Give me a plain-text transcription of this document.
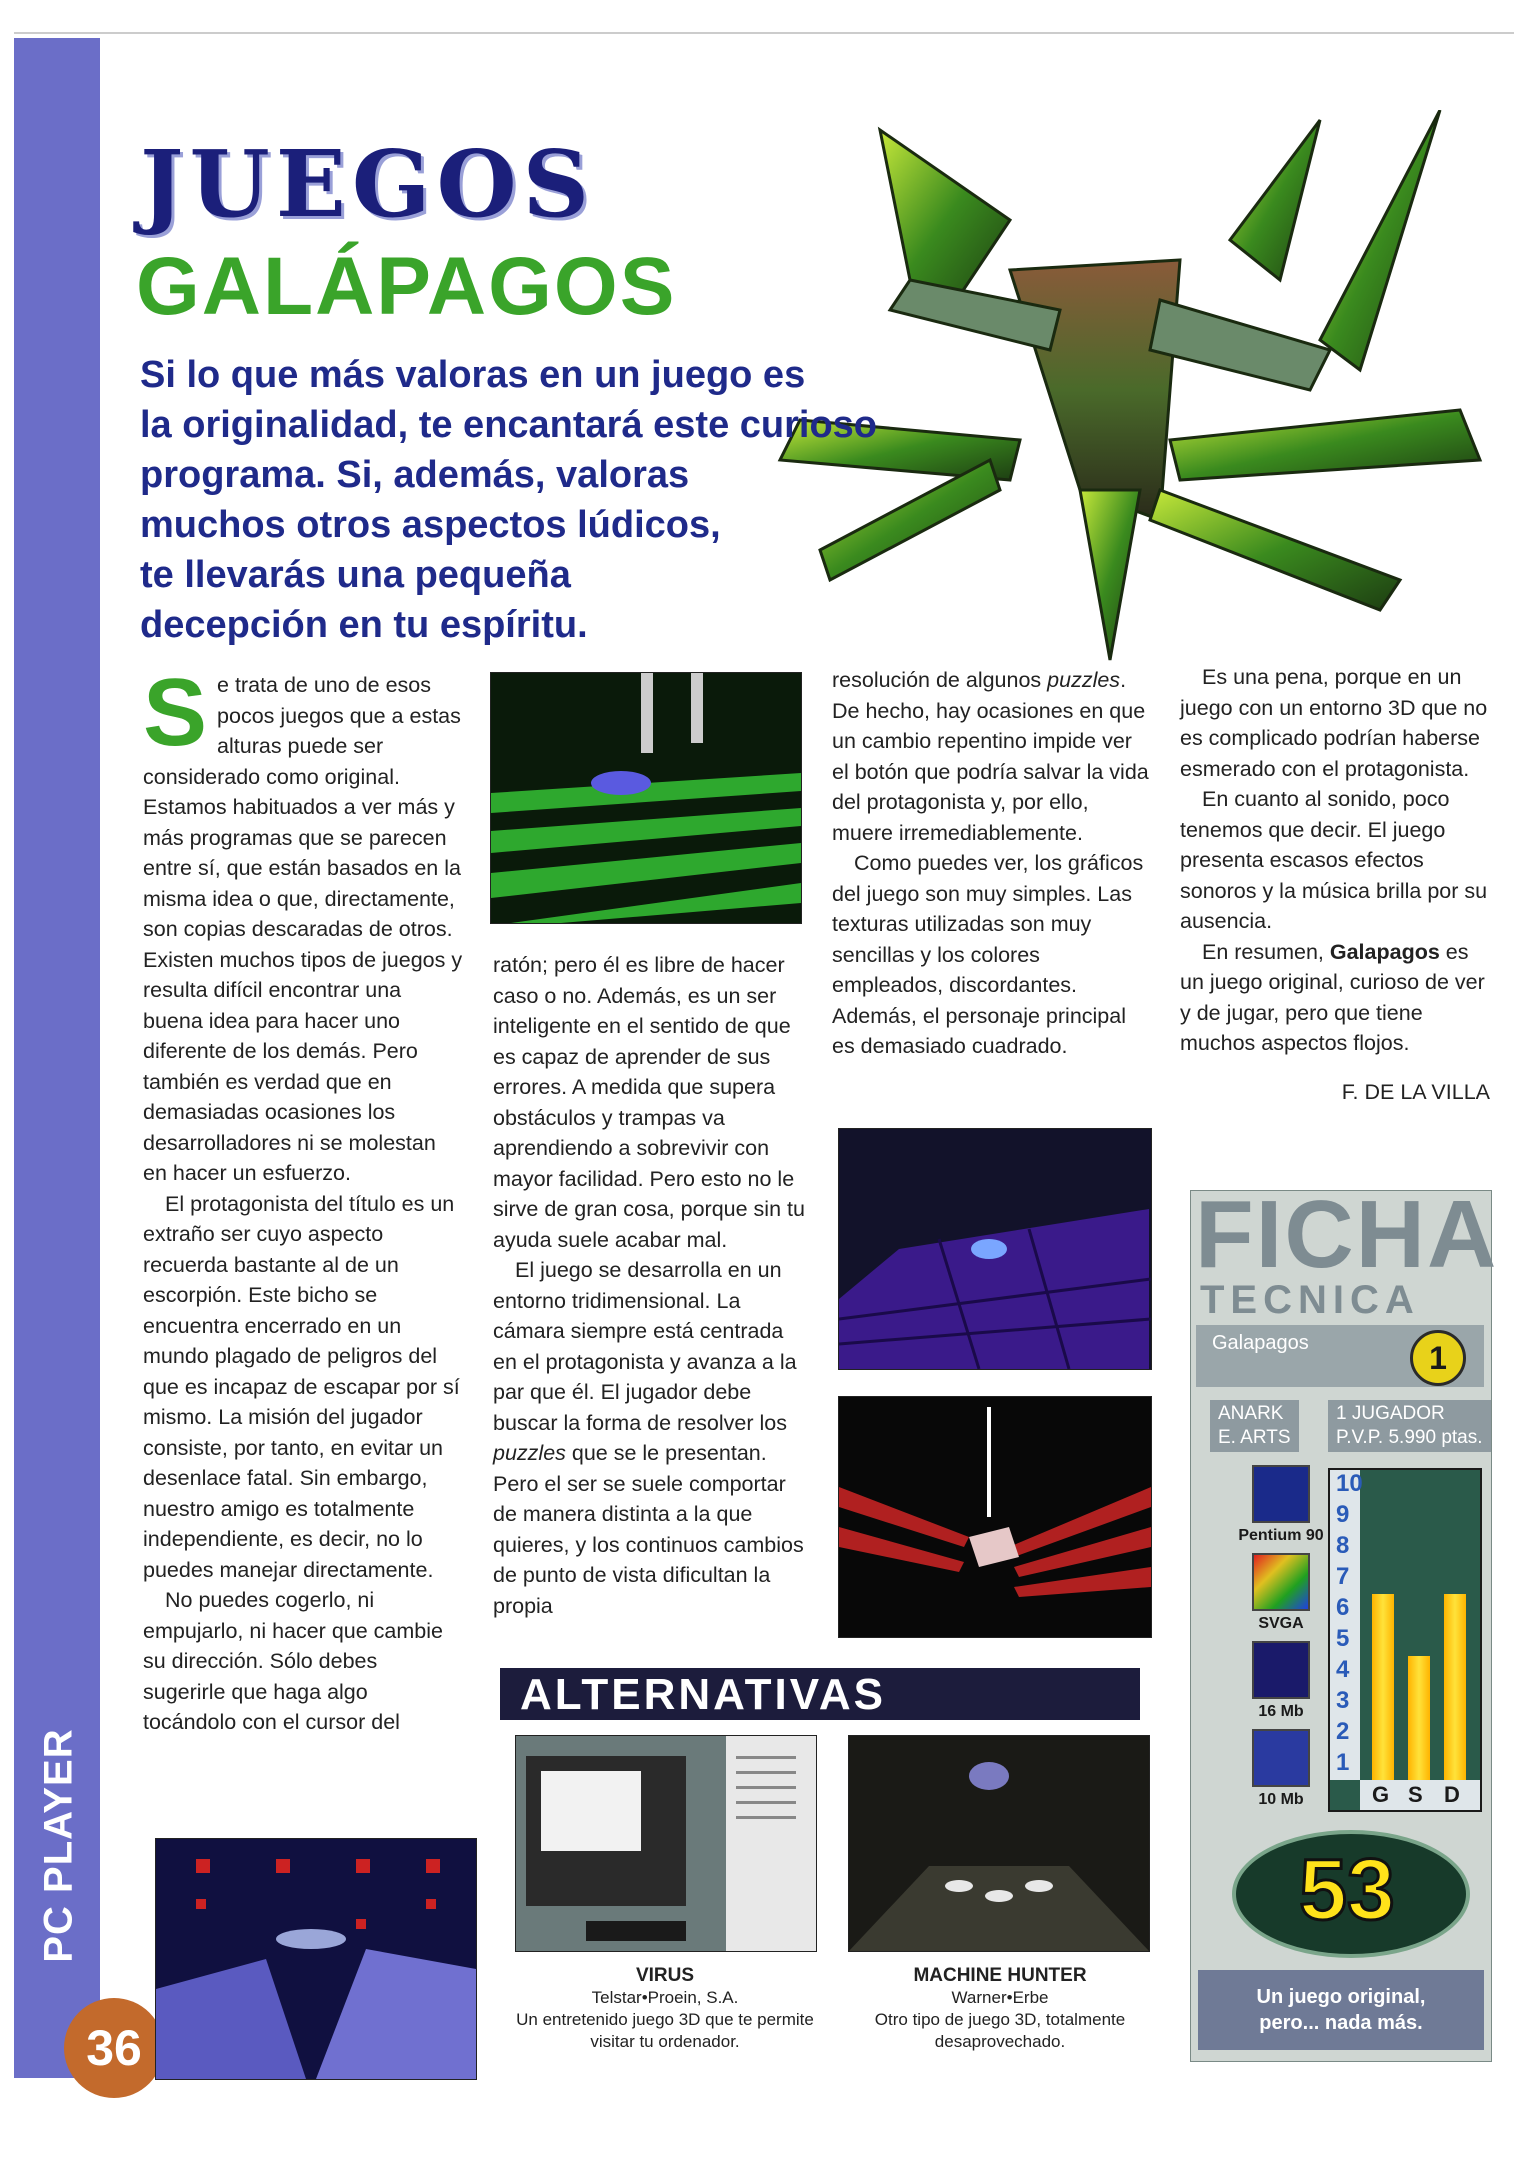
PC PLAYER
36
JUEGOS
GALÁPAGOS
Si lo que más valoras en un juego es
la originalidad, te encantará este curioso
programa. Si, además, valoras
muchos otros aspectos lúdicos,
te llevarás una pequeña
decepción en tu espíritu.

Se trata de uno de esos pocos juegos que a estas alturas puede ser considerado como original. Estamos habituados a ver más y más programas que se parecen entre sí, que están basados en la misma idea o que, directamente, son copias descaradas de otros. Existen muchos tipos de juegos y resulta difícil encontrar una buena idea para hacer uno diferente de los demás. Pero también es verdad que en demasiadas ocasiones los desarrolladores ni se molestan en hacer un esfuerzo.

El protagonista del título es un extraño ser cuyo aspecto recuerda bastante al de un escorpión. Este bicho se encuentra encerrado en un mundo plagado de peligros del que es incapaz de escapar por sí mismo. La misión del jugador consiste, por tanto, en evitar un desenlace fatal. Sin embargo, nuestro amigo es totalmente independiente, es decir, no lo puedes manejar directamente.

No puedes cogerlo, ni empujarlo, ni hacer que cambie su dirección. Sólo debes sugerirle que haga algo tocándolo con el cursor del

ratón; pero él es libre de hacer caso o no. Además, es un ser inteligente en el sentido de que es capaz de aprender de sus errores. A medida que supera obstáculos y trampas va aprendiendo a sobrevivir con mayor facilidad. Pero esto no le sirve de gran cosa, porque sin tu ayuda suele acabar mal.

El juego se desarrolla en un entorno tridimensional. La cámara siempre está centrada en el protagonista y avanza a la par que él. El jugador debe buscar la forma de resolver los puzzles que se le presentan. Pero el ser se suele comportar de manera distinta a la que quieres, y los continuos cambios de punto de vista dificultan la propia

resolución de algunos puzzles. De hecho, hay ocasiones en que un cambio repentino impide ver el botón que podría salvar la vida del protagonista y, por ello, muere irremediablemente.

Como puedes ver, los gráficos del juego son muy simples. Las texturas utilizadas son muy sencillas y los colores empleados, discordantes. Además, el personaje principal es demasiado cuadrado.

Es una pena, porque en un juego con un entorno 3D que no es complicado podrían haberse esmerado con el protagonista.

En cuanto al sonido, poco tenemos que decir. El juego presenta escasos efectos sonoros y la música brilla por su ausencia.

En resumen, Galapagos es un juego original, curioso de ver y de jugar, pero que tiene muchos aspectos flojos.

F. DE LA VILLA

ALTERNATIVAS
VIRUS
Telstar•Proein, S.A.
Un entretenido juego 3D que te permite visitar tu ordenador.
MACHINE HUNTER
Warner•Erbe
Otro tipo de juego 3D, totalmente desaprovechado.
FICHA
TECNICA
Galapagos	1
ANARK
E. ARTS
1 JUGADOR
P.V.P. 5.990 ptas.
Pentium 90
SVGA
16 Mb
10 Mb
10
9
8
7
6
5
4
3
2
1
G S D
53
Un juego original,
pero... nada más.
